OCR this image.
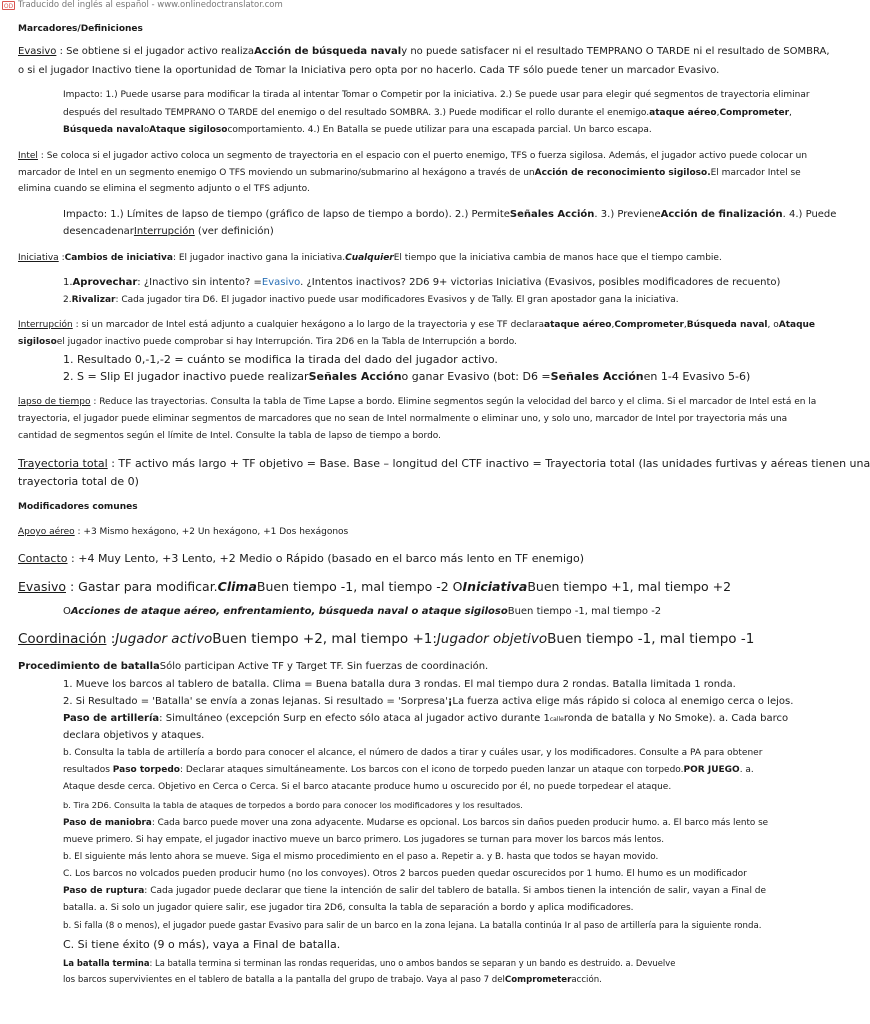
OD Traducido del inglés al español - www.onlinedoctranslator.com
Marcadores/Definiciones
Evasivo : Se obtiene si el jugador activo realizaAcción de búsqueda navaly no puede satisfacer ni el resultado TEMPRANO O TARDE ni el resultado de SOMBRA,
o si el jugador Inactivo tiene la oportunidad de Tomar la Iniciativa pero opta por no hacerlo. Cada TF sólo puede tener un marcador Evasivo.
Impacto: 1.) Puede usarse para modificar la tirada al intentar Tomar o Competir por la iniciativa. 2.) Se puede usar para elegir qué segmentos de trayectoria eliminar
después del resultado TEMPRANO O TARDE del enemigo o del resultado SOMBRA. 3.) Puede modificar el rollo durante el enemigo.ataque aéreo,Comprometer,
Búsqueda navaloAtaque sigilosocomportamiento. 4.) En Batalla se puede utilizar para una escapada parcial. Un barco escapa.
Intel : Se coloca si el jugador activo coloca un segmento de trayectoria en el espacio con el puerto enemigo, TFS o fuerza sigilosa. Además, el jugador activo puede colocar un
marcador de Intel en un segmento enemigo O TFS moviendo un submarino/submarino al hexágono a través de unAcción de reconocimiento sigiloso.El marcador Intel se
elimina cuando se elimina el segmento adjunto o el TFS adjunto.
Impacto: 1.) Límites de lapso de tiempo (gráfico de lapso de tiempo a bordo). 2.) PermiteSeñales Acción. 3.) PrevieneAcción de finalización. 4.) Puede
desencadenarInterrupción (ver definición)
Iniciativa :Cambios de iniciativa: El jugador inactivo gana la iniciativa.CualquierEl tiempo que la iniciativa cambia de manos hace que el tiempo cambie.
1.Aprovechar: ¿Inactivo sin intento? =Evasivo. ¿Intentos inactivos? 2D6 9+ victorias Iniciativa (Evasivos, posibles modificadores de recuento)
2.Rivalizar: Cada jugador tira D6. El jugador inactivo puede usar modificadores Evasivos y de Tally. El gran apostador gana la iniciativa.
Interrupción : si un marcador de Intel está adjunto a cualquier hexágono a lo largo de la trayectoria y ese TF declaraataque aéreo,Comprometer,Búsqueda naval, oAtaque
sigilosoel jugador inactivo puede comprobar si hay Interrupción. Tira 2D6 en la Tabla de Interrupción a bordo.
1. Resultado 0,-1,-2 = cuánto se modifica la tirada del dado del jugador activo.
2. S = Slip El jugador inactivo puede realizarSeñales Accióno ganar Evasivo (bot: D6 =Señales Acciónen 1-4 Evasivo 5-6)
lapso de tiempo : Reduce las trayectorias. Consulta la tabla de Time Lapse a bordo. Elimine segmentos según la velocidad del barco y el clima. Si el marcador de Intel está en la
trayectoria, el jugador puede eliminar segmentos de marcadores que no sean de Intel normalmente o eliminar uno, y solo uno, marcador de Intel por trayectoria más una
cantidad de segmentos según el límite de Intel. Consulte la tabla de lapso de tiempo a bordo.
Trayectoria total : TF activo más largo + TF objetivo = Base. Base – longitud del CTF inactivo = Trayectoria total (las unidades furtivas y aéreas tienen una
trayectoria total de 0)
Modificadores comunes
Apoyo aéreo : +3 Mismo hexágono, +2 Un hexágono, +1 Dos hexágonos
Contacto : +4 Muy Lento, +3 Lento, +2 Medio o Rápido (basado en el barco más lento en TF enemigo)
Evasivo : Gastar para modificar.ClimaBuen tiempo -1, mal tiempo -2 OIniciativaBuen tiempo +1, mal tiempo +2
OAcciones de ataque aéreo, enfrentamiento, búsqueda naval o ataque sigilosoBuen tiempo -1, mal tiempo -2
Coordinación :Jugador activoBuen tiempo +2, mal tiempo +1:Jugador objetivoBuen tiempo -1, mal tiempo -1
Procedimiento de batallaSólo participan Active TF y Target TF. Sin fuerzas de coordinación.
1. Mueve los barcos al tablero de batalla. Clima = Buena batalla dura 3 rondas. El mal tiempo dura 2 rondas. Batalla limitada 1 ronda.
2. Si Resultado = 'Batalla' se envía a zonas lejanas. Si resultado = 'Sorpresa'¡La fuerza activa elige más rápido si coloca al enemigo cerca o lejos.
Paso de artillería: Simultáneo (excepción Surp en efecto sólo ataca al jugador activo durante 1calleronda de batalla y No Smoke). a. Cada barco
declara objetivos y ataques.
b. Consulta la tabla de artillería a bordo para conocer el alcance, el número de dados a tirar y cuáles usar, y los modificadores. Consulte a PA para obtener
resultados Paso torpedo: Declarar ataques simultáneamente. Los barcos con el icono de torpedo pueden lanzar un ataque con torpedo.POR JUEGO. a.
Ataque desde cerca. Objetivo en Cerca o Cerca. Si el barco atacante produce humo u oscurecido por él, no puede torpedear el ataque.
b. Tira 2D6. Consulta la tabla de ataques de torpedos a bordo para conocer los modificadores y los resultados.
Paso de maniobra: Cada barco puede mover una zona adyacente. Mudarse es opcional. Los barcos sin daños pueden producir humo. a. El barco más lento se
mueve primero. Si hay empate, el jugador inactivo mueve un barco primero. Los jugadores se turnan para mover los barcos más lentos.
b. El siguiente más lento ahora se mueve. Siga el mismo procedimiento en el paso a. Repetir a. y B. hasta que todos se hayan movido.
C. Los barcos no volcados pueden producir humo (no los convoyes). Otros 2 barcos pueden quedar oscurecidos por 1 humo. El humo es un modificador
Paso de ruptura: Cada jugador puede declarar que tiene la intención de salir del tablero de batalla. Si ambos tienen la intención de salir, vayan a Final de
batalla. a. Si solo un jugador quiere salir, ese jugador tira 2D6, consulta la tabla de separación a bordo y aplica modificadores.
b. Si falla (8 o menos), el jugador puede gastar Evasivo para salir de un barco en la zona lejana. La batalla continúa Ir al paso de artillería para la siguiente ronda.
C. Si tiene éxito (9 o más), vaya a Final de batalla.
La batalla termina: La batalla termina si terminan las rondas requeridas, uno o ambos bandos se separan y un bando es destruido. a. Devuelve
los barcos supervivientes en el tablero de batalla a la pantalla del grupo de trabajo. Vaya al paso 7 delComprometeracción.
